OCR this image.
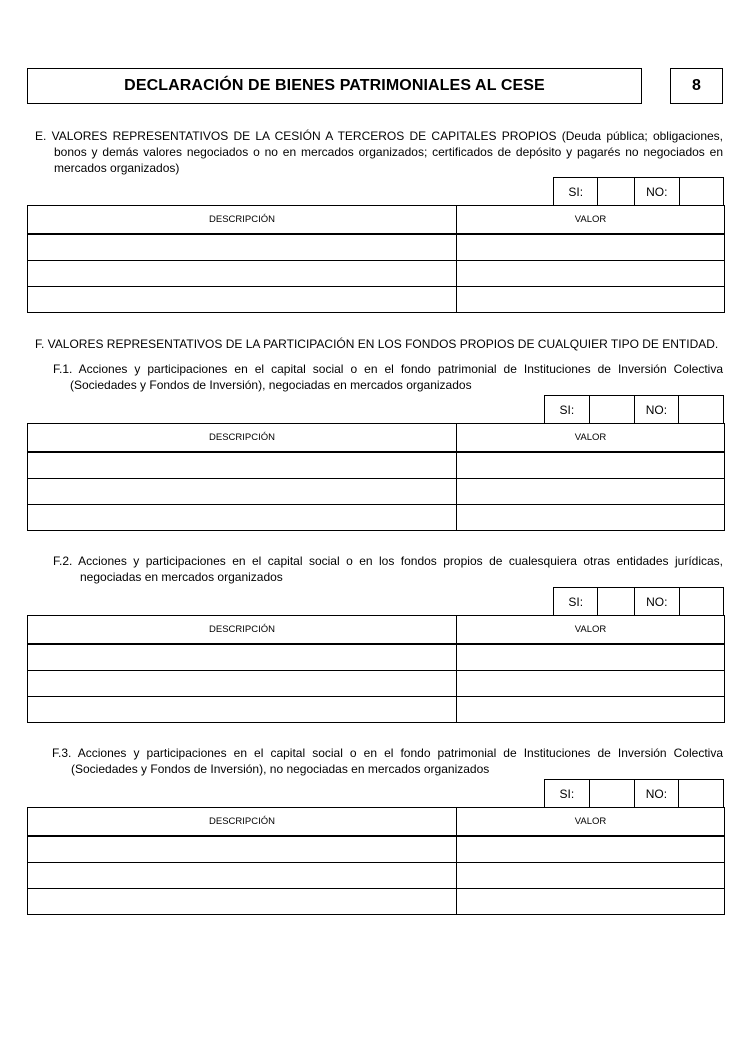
DECLARACIÓN DE BIENES PATRIMONIALES AL CESE	8
E. VALORES REPRESENTATIVOS DE LA CESIÓN A TERCEROS DE CAPITALES PROPIOS (Deuda pública; obligaciones, bonos y demás valores negociados o no en mercados organizados; certificados de depósito y pagarés no negociados en mercados organizados)
SI:	NO:
DESCRIPCIÓN	VALOR

F. VALORES REPRESENTATIVOS DE LA PARTICIPACIÓN EN LOS FONDOS PROPIOS DE CUALQUIER TIPO DE ENTIDAD.
F.1. Acciones y participaciones en el capital social o en el fondo patrimonial de Instituciones de Inversión Colectiva (Sociedades y Fondos de Inversión), negociadas en mercados organizados
SI:	NO:
DESCRIPCIÓN	VALOR

F.2. Acciones y participaciones en el capital social o en los fondos propios de cualesquiera otras entidades jurídicas, negociadas en mercados organizados
SI:	NO:
DESCRIPCIÓN	VALOR

F.3. Acciones y participaciones en el capital social o en el fondo patrimonial de Instituciones de Inversión Colectiva (Sociedades y Fondos de Inversión), no negociadas en mercados organizados
SI:	NO:
DESCRIPCIÓN	VALOR
